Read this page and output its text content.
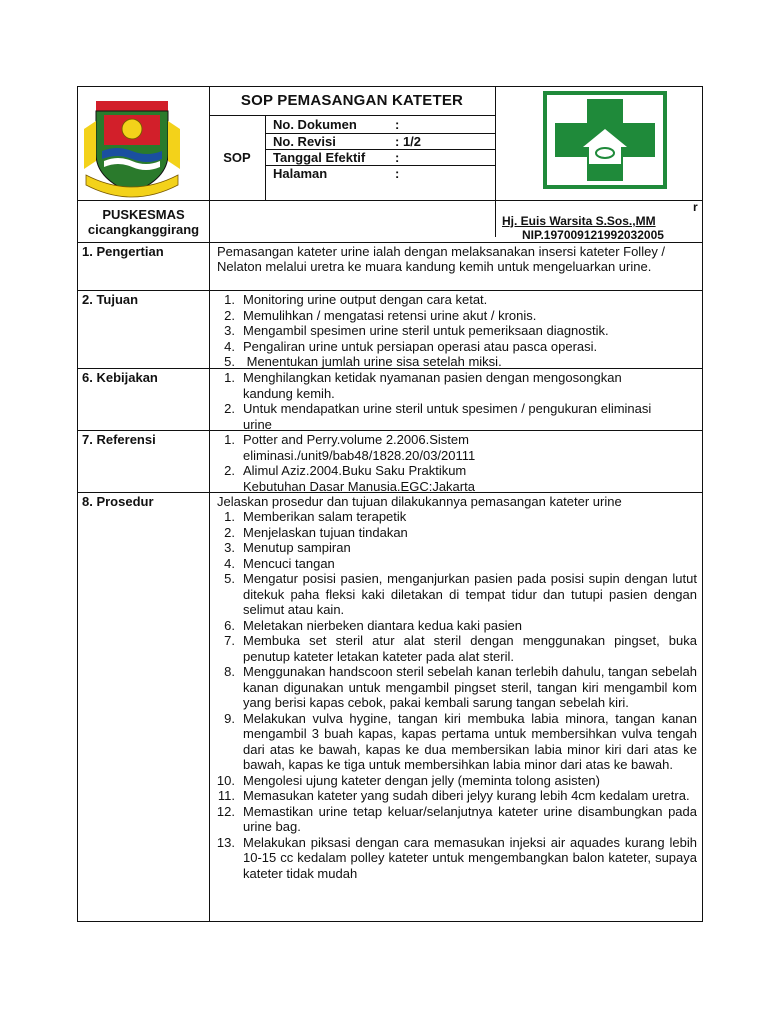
SOP PEMASANGAN KATETER
SOP
No. Dokumen	:
No. Revisi	: 1/2
Tanggal Efektif :
Halaman	:
PUSKESMAS
cicangkanggirang
r
Hj. Euis Warsita S.Sos.,MM
NIP.197009121992032005
1. Pengertian	Pemasangan kateter urine ialah dengan melaksanakan insersi kateter Folley / Nelaton melalui uretra ke muara kandung kemih untuk mengeluarkan urine.
2. Tujuan	1. Monitoring urine output dengan cara ketat.
2. Memulihkan / mengatasi retensi urine akut / kronis.
3. Mengambil spesimen urine steril untuk pemeriksaan diagnostik.
4. Pengaliran urine untuk persiapan operasi atau pasca operasi.
5. Menentukan jumlah urine sisa setelah miksi.
6. Kebijakan	1. Menghilangkan ketidak nyamanan pasien dengan mengosongkan kandung kemih.
2. Untuk mendapatkan urine steril untuk spesimen / pengukuran eliminasi urine
7. Referensi	1. Potter and Perry.volume 2.2006.Sistem eliminasi./unit9/bab48/1828.20/03/20111
2. Alimul Aziz.2004.Buku Saku Praktikum Kebutuhan Dasar Manusia.EGC:Jakarta
8. Prosedur	Jelaskan prosedur dan tujuan dilakukannya pemasangan kateter urine
1. Memberikan salam terapetik
2. Menjelaskan tujuan tindakan
3. Menutup sampiran
4. Mencuci tangan
5. Mengatur posisi pasien, menganjurkan pasien pada posisi supin dengan lutut ditekuk paha fleksi kaki diletakan di tempat tidur dan tutupi pasien dengan selimut atau kain.
6. Meletakan nierbeken diantara kedua kaki pasien
7. Membuka set steril atur alat steril dengan menggunakan pingset, buka penutup kateter letakan kateter pada alat steril.
8. Menggunakan handscoon steril sebelah kanan terlebih dahulu, tangan sebelah kanan digunakan untuk mengambil pingset steril, tangan kiri mengambil kom yang berisi kapas cebok, pakai kembali sarung tangan sebelah kiri.
9. Melakukan vulva hygine, tangan kiri membuka labia minora, tangan kanan mengambil 3 buah kapas, kapas pertama untuk membersihkan vulva tengah dari atas ke bawah, kapas ke dua membersikan labia minor kiri dari atas ke bawah, kapas ke tiga untuk membersihkan labia minor dari atas ke bawah.
10. Mengolesi ujung kateter dengan jelly (meminta tolong asisten)
11. Memasukan kateter yang sudah diberi jelyy kurang lebih 4cm kedalam uretra.
12. Memastikan urine tetap keluar/selanjutnya kateter urine disambungkan pada urine bag.
13. Melakukan piksasi dengan cara memasukan injeksi air aquades kurang lebih 10-15 cc kedalam polley kateter untuk mengembangkan balon kateter, supaya kateter tidak mudah
